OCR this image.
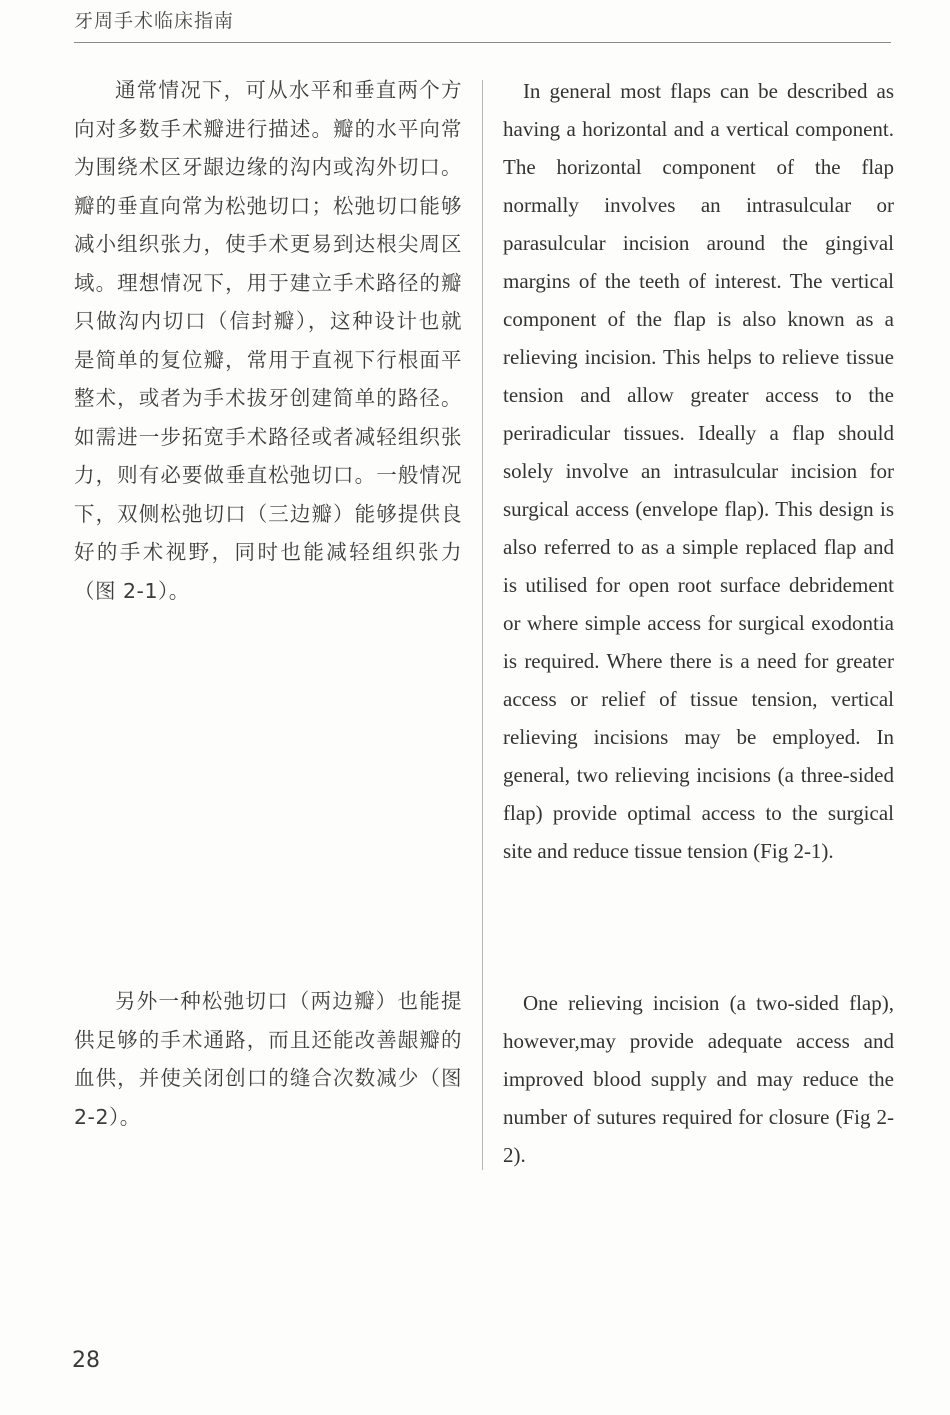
牙周手术临床指南

通常情况下，可从水平和垂直两个方向对多数手术瓣进行描述。瓣的水平向常为围绕术区牙龈边缘的沟内或沟外切口。瓣的垂直向常为松弛切口；松弛切口能够减小组织张力，使手术更易到达根尖周区域。理想情况下，用于建立手术路径的瓣只做沟内切口（信封瓣），这种设计也就是简单的复位瓣，常用于直视下行根面平整术，或者为手术拔牙创建简单的路径。如需进一步拓宽手术路径或者减轻组织张力，则有必要做垂直松弛切口。一般情况下，双侧松弛切口（三边瓣）能够提供良好的手术视野，同时也能减轻组织张力（图 2-1）。

另外一种松弛切口（两边瓣）也能提供足够的手术通路，而且还能改善龈瓣的血供，并使关闭创口的缝合次数减少（图 2-2）。

In general most flaps can be described as having a horizontal and a vertical component. The horizontal component of the flap normally involves an intrasulcular or parasulcular incision around the gingival margins of the teeth of interest. The vertical component of the flap is also known as a relieving incision. This helps to relieve tissue tension and allow greater access to the periradicular tissues. Ideally a flap should solely involve an intrasulcular incision for surgical access (envelope flap). This design is also referred to as a simple replaced flap and is utilised for open root surface debridement or where simple access for surgical exodontia is required. Where there is a need for greater access or relief of tissue tension, vertical relieving incisions may be employed. In general, two relieving incisions (a three-sided flap) provide optimal access to the surgical site and reduce tissue tension (Fig 2-1).

One relieving incision (a two-sided flap), however,may provide adequate access and improved blood supply and may reduce the number of sutures required for closure (Fig 2-2).

28
